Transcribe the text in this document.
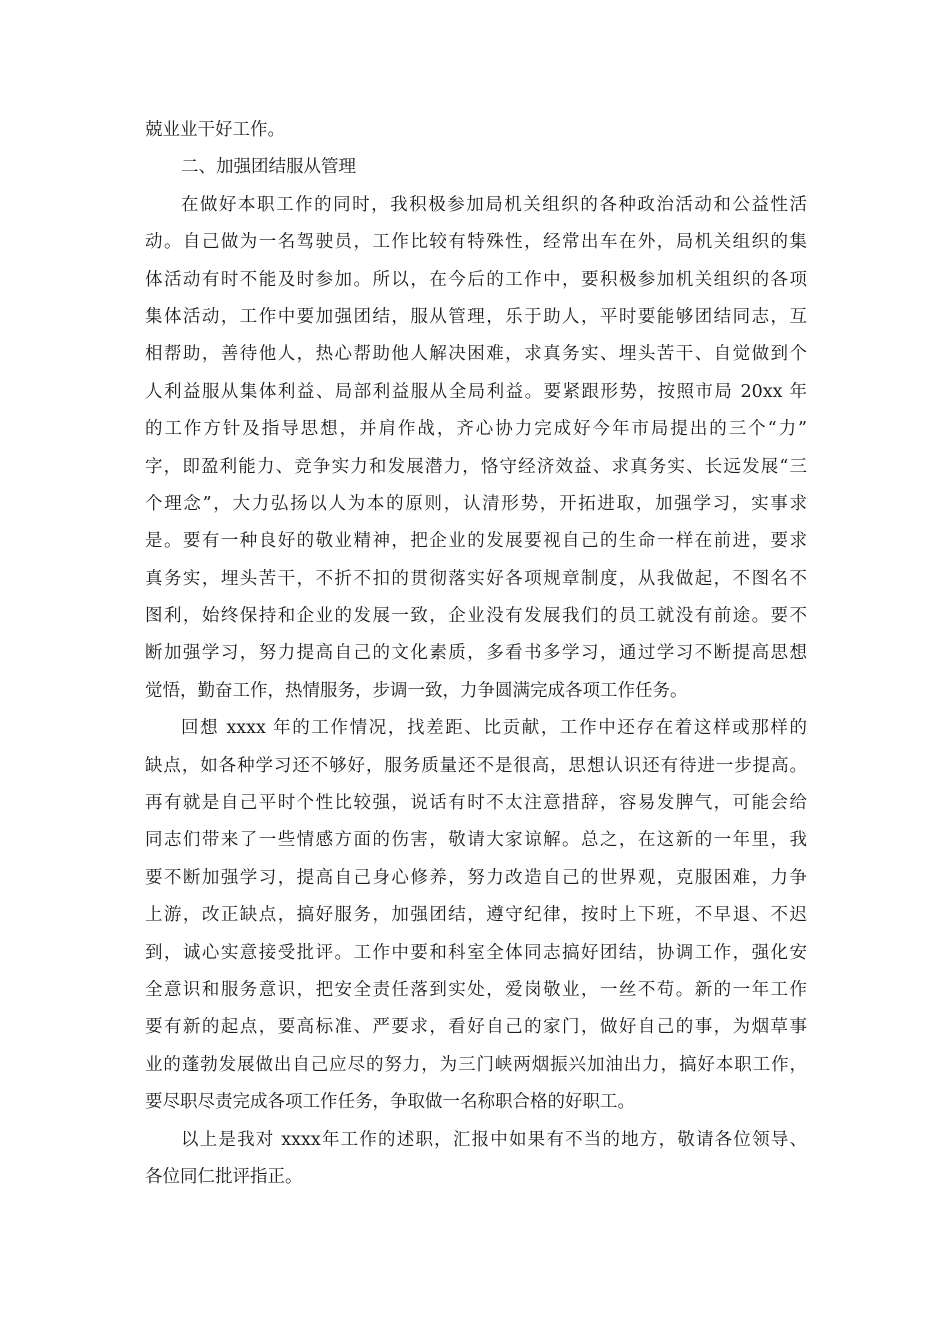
兢业业干好工作。
二、加强团结服从管理
在做好本职工作的同时，我积极参加局机关组织的各种政治活动和公益性活
动。自己做为一名驾驶员，工作比较有特殊性，经常出车在外，局机关组织的集
体活动有时不能及时参加。所以，在今后的工作中，要积极参加机关组织的各项
集体活动，工作中要加强团结，服从管理，乐于助人，平时要能够团结同志，互
相帮助，善待他人，热心帮助他人解决困难，求真务实、埋头苦干、自觉做到个
人利益服从集体利益、局部利益服从全局利益。要紧跟形势，按照市局 20xx 年
的工作方针及指导思想，并肩作战，齐心协力完成好今年市局提出的三个“力”
字，即盈利能力、竞争实力和发展潜力，恪守经济效益、求真务实、长远发展“三
个理念”，大力弘扬以人为本的原则，认清形势，开拓进取，加强学习，实事求
是。要有一种良好的敬业精神，把企业的发展要视自己的生命一样在前进，要求
真务实，埋头苦干，不折不扣的贯彻落实好各项规章制度，从我做起，不图名不
图利，始终保持和企业的发展一致，企业没有发展我们的员工就没有前途。要不
断加强学习，努力提高自己的文化素质，多看书多学习，通过学习不断提高思想
觉悟，勤奋工作，热情服务，步调一致，力争圆满完成各项工作任务。
回想 xxxx 年的工作情况，找差距、比贡献，工作中还存在着这样或那样的
缺点，如各种学习还不够好，服务质量还不是很高，思想认识还有待进一步提高。
再有就是自己平时个性比较强，说话有时不太注意措辞，容易发脾气，可能会给
同志们带来了一些情感方面的伤害，敬请大家谅解。总之，在这新的一年里，我
要不断加强学习，提高自己身心修养，努力改造自己的世界观，克服困难，力争
上游，改正缺点，搞好服务，加强团结，遵守纪律，按时上下班，不早退、不迟
到，诚心实意接受批评。工作中要和科室全体同志搞好团结，协调工作，强化安
全意识和服务意识，把安全责任落到实处，爱岗敬业，一丝不苟。新的一年工作
要有新的起点，要高标准、严要求，看好自己的家门，做好自己的事，为烟草事
业的蓬勃发展做出自己应尽的努力，为三门峡两烟振兴加油出力，搞好本职工作，
要尽职尽责完成各项工作任务，争取做一名称职合格的好职工。
以上是我对 xxxx年工作的述职，汇报中如果有不当的地方，敬请各位领导、
各位同仁批评指正。
